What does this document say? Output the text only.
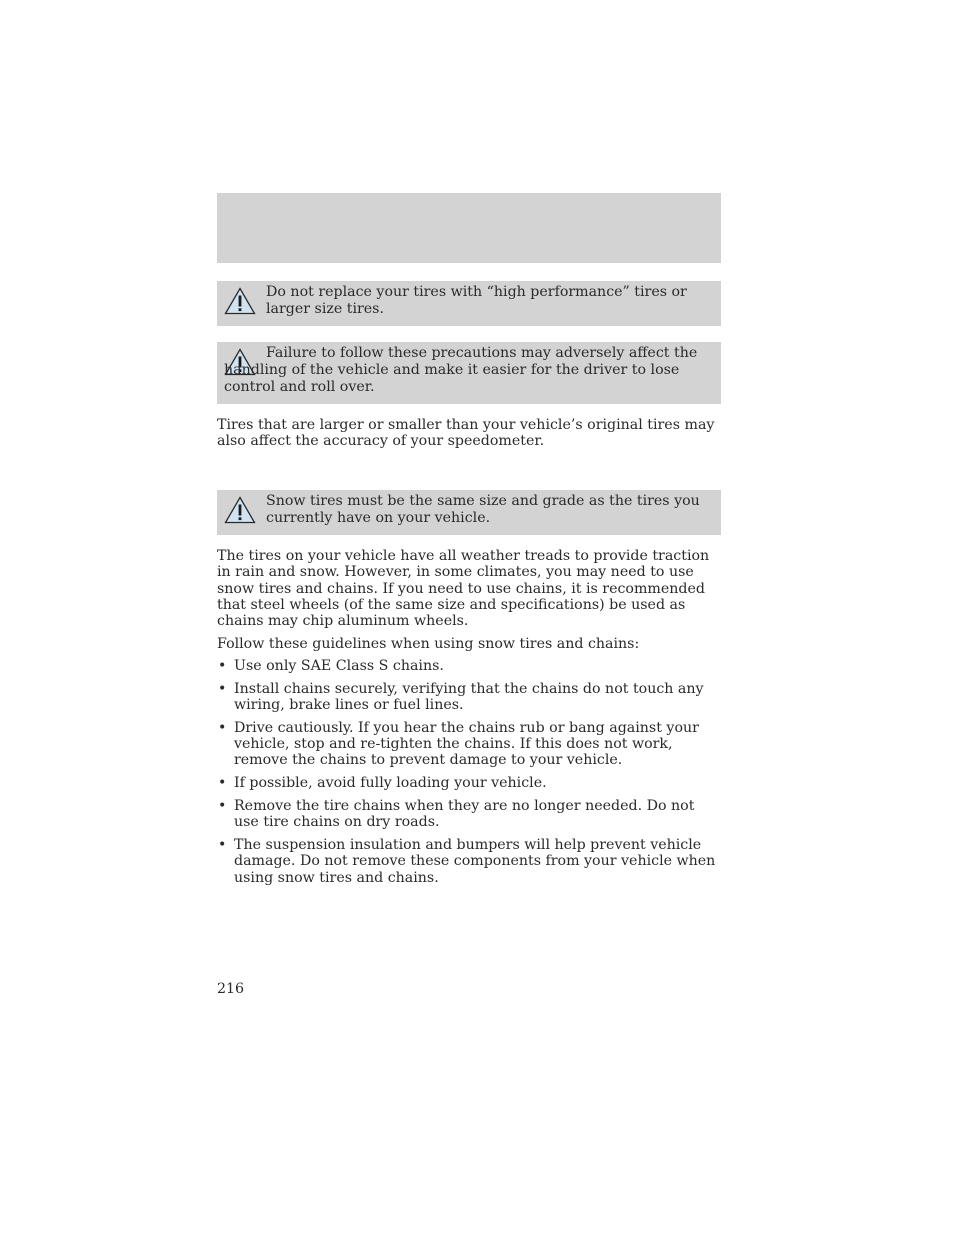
Do not replace your tires with “high performance” tires or larger size tires.
Failure to follow these precautions may adversely affect the handling of the vehicle and make it easier for the driver to lose control and roll over.

Tires that are larger or smaller than your vehicle’s original tires may also affect the accuracy of your speedometer.

Snow tires must be the same size and grade as the tires you currently have on your vehicle.

The tires on your vehicle have all weather treads to provide traction in rain and snow. However, in some climates, you may need to use snow tires and chains. If you need to use chains, it is recommended that steel wheels (of the same size and specifications) be used as chains may chip aluminum wheels.

Follow these guidelines when using snow tires and chains:

• Use only SAE Class S chains.
• Install chains securely, verifying that the chains do not touch any wiring, brake lines or fuel lines.
• Drive cautiously. If you hear the chains rub or bang against your vehicle, stop and re-tighten the chains. If this does not work, remove the chains to prevent damage to your vehicle.
• If possible, avoid fully loading your vehicle.
• Remove the tire chains when they are no longer needed. Do not use tire chains on dry roads.
• The suspension insulation and bumpers will help prevent vehicle damage. Do not remove these components from your vehicle when using snow tires and chains.
216
